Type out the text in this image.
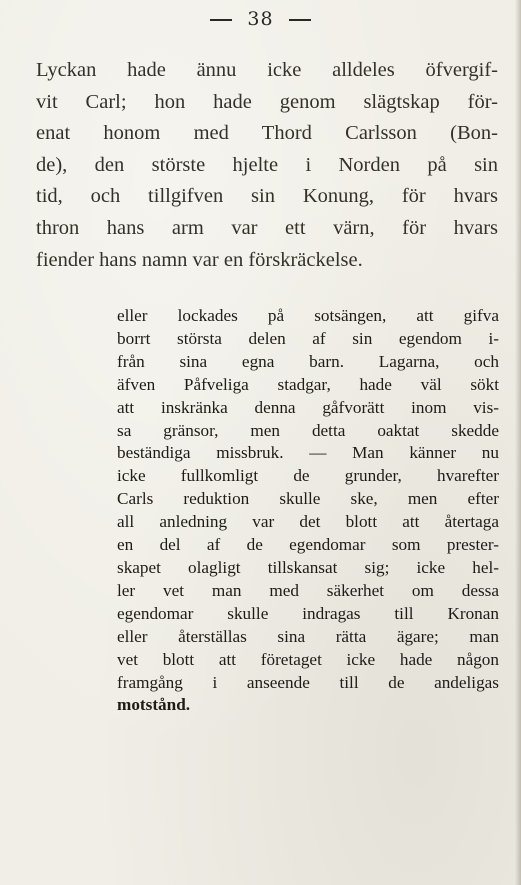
38
Lyckan hade ännu icke alldeles öfvergif-
vit Carl; hon hade genom slägtskap för-
enat honom med Thord Carlsson (Bon-
de), den störste hjelte i Norden på sin
tid, och tillgifven sin Konung, för hvars
thron hans arm var ett värn, för hvars
fiender hans namn var en förskräckelse.
eller lockades på sotsängen, att gifva
borrt största delen af sin egendom i-
från sina egna barn. Lagarna, och
äfven Påfveliga stadgar, hade väl sökt
att inskränka denna gåfvorätt inom vis-
sa gränsor, men detta oaktat skedde
beständiga missbruk. — Man känner nu
icke fullkomligt de grunder, hvarefter
Carls reduktion skulle ske, men efter
all anledning var det blott att återtaga
en del af de egendomar som prester-
skapet olagligt tillskansat sig; icke hel-
ler vet man med säkerhet om dessa
egendomar skulle indragas till Kronan
eller återställas sina rätta ägare; man
vet blott att företaget icke hade någon
framgång i anseende till de andeligas
motstånd.
